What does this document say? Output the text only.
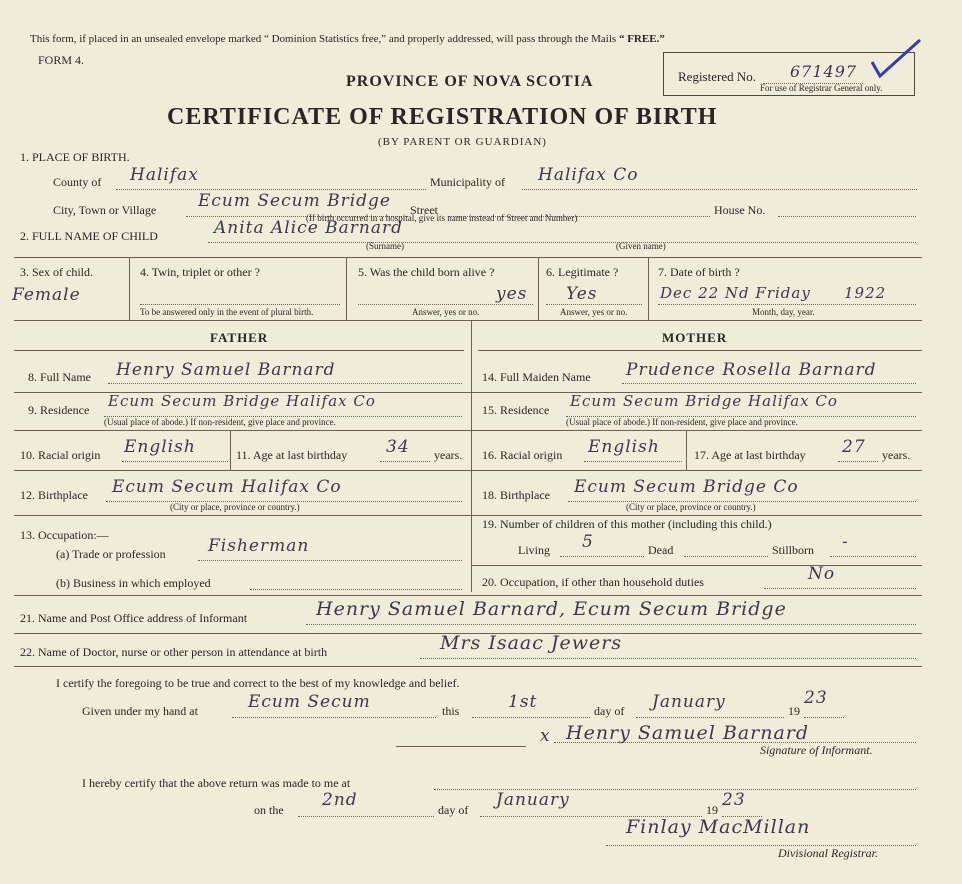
This form, if placed in an unsealed envelope marked “ Dominion Statistics free,” and properly addressed, will pass through the Mails “ FREE.”
FORM 4.
PROVINCE OF NOVA SCOTIA	Registered No. 671497
For use of Registrar General only.
CERTIFICATE OF REGISTRATION OF BIRTH
(BY PARENT OR GUARDIAN)
1. PLACE OF BIRTH.
County of Halifax	Municipality of Halifax Co
City, Town or Village Ecum Secum Bridge Street	House No.
(If birth occurred in a hospital, give its name instead of Street and Number)
2. FULL NAME OF CHILD	Anita Alice Barnard
(Surname)	(Given name)
3. Sex of child.
Female
4. Twin, triplet or other ?
To be answered only in the event of plural birth.
5. Was the child born alive ?
yes
Answer, yes or no.
6. Legitimate ?
Yes
Answer, yes or no.
7. Date of birth ?
Dec 22 Nd Friday 1922
Month, day, year.
FATHER	MOTHER
8. Full Name Henry Samuel Barnard
9. Residence Ecum Secum Bridge Halifax Co
(Usual place of abode.) If non-resident, give place and province.
10. Racial origin English	11. Age at last birthday 34 years.
12. Birthplace Ecum Secum Halifax Co
(City or place, province or country.)
13. Occupation:—
(a) Trade or profession Fisherman
(b) Business in which employed
14. Full Maiden Name Prudence Rosella Barnard
15. Residence Ecum Secum Bridge Halifax Co
(Usual place of abode.) If non-resident, give place and province.
16. Racial origin English	17. Age at last birthday 27 years.
18. Birthplace Ecum Secum Bridge Co
(City or place, province or country.)
19. Number of children of this mother (including this child.)
Living 5	Dead	Stillborn -
20. Occupation, if other than household duties	No
21. Name and Post Office address of Informant	Henry Samuel Barnard, Ecum Secum Bridge
22. Name of Doctor, nurse or other person in attendance at birth	Mrs Isaac Jewers
I certify the foregoing to be true and correct to the best of my knowledge and belief.
Given under my hand at	Ecum Secum	this	1st	day of January	19
23
x Henry Samuel Barnard
Signature of Informant.
I hereby certify that the above return was made to me at
on the 2nd	day of January	19 23
Finlay MacMillan
Divisional Registrar.
